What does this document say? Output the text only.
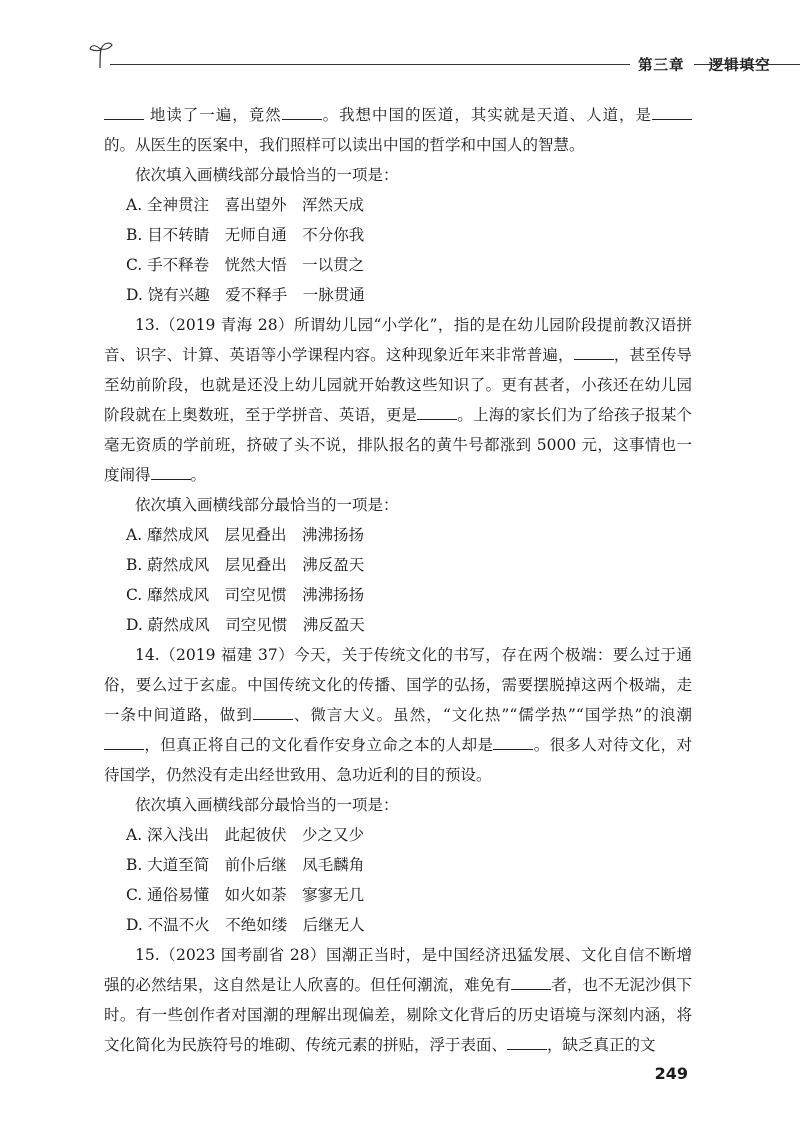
第三章 逻辑填空

地读了一遍，竟然	。我想中国的医道，其实就是天道、人道，是的。从医生的医案中，我们照样可以读出中国的哲学和中国人的智慧。

依次填入画横线部分最恰当的一项是：

A. 全神贯注　喜出望外　浑然天成

B. 目不转睛　无师自通　不分你我

C. 手不释卷　恍然大悟　一以贯之

D. 饶有兴趣　爱不释手　一脉贯通

13.（2019 青海 28）所谓幼儿园“小学化”，指的是在幼儿园阶段提前教汉语拼音、识字、计算、英语等小学课程内容。这种现象近年来非常普遍，	，甚至传导至幼前阶段，也就是还没上幼儿园就开始教这些知识了。更有甚者，小孩还在幼儿园阶段就在上奥数班，至于学拼音、英语，更是	。上海的家长们为了给孩子报某个毫无资质的学前班，挤破了头不说，排队报名的黄牛号都涨到 5000 元，这事情也一度闹得	。

依次填入画横线部分最恰当的一项是：

A. 靡然成风　层见叠出　沸沸扬扬

B. 蔚然成风　层见叠出　沸反盈天

C. 靡然成风　司空见惯　沸沸扬扬

D. 蔚然成风　司空见惯　沸反盈天

14.（2019 福建 37）今天，关于传统文化的书写，存在两个极端：要么过于通俗，要么过于玄虚。中国传统文化的传播、国学的弘扬，需要摆脱掉这两个极端，走一条中间道路，做到	、微言大义。虽然，“文化热”“儒学热”“国学热”的浪潮，但真正将自己的文化看作安身立命之本的人却是	。很多人对待文化，对待国学，仍然没有走出经世致用、急功近利的目的预设。

依次填入画横线部分最恰当的一项是：

A. 深入浅出　此起彼伏　少之又少

B. 大道至简　前仆后继　凤毛麟角

C. 通俗易懂　如火如荼　寥寥无几

D. 不温不火　不绝如缕　后继无人

15.（2023 国考副省 28）国潮正当时，是中国经济迅猛发展、文化自信不断增强的必然结果，这自然是让人欣喜的。但任何潮流，难免有	者，也不无泥沙俱下时。有一些创作者对国潮的理解出现偏差，剔除文化背后的历史语境与深刻内涵，将文化简化为民族符号的堆砌、传统元素的拼贴，浮于表面、	，缺乏真正的文

249
